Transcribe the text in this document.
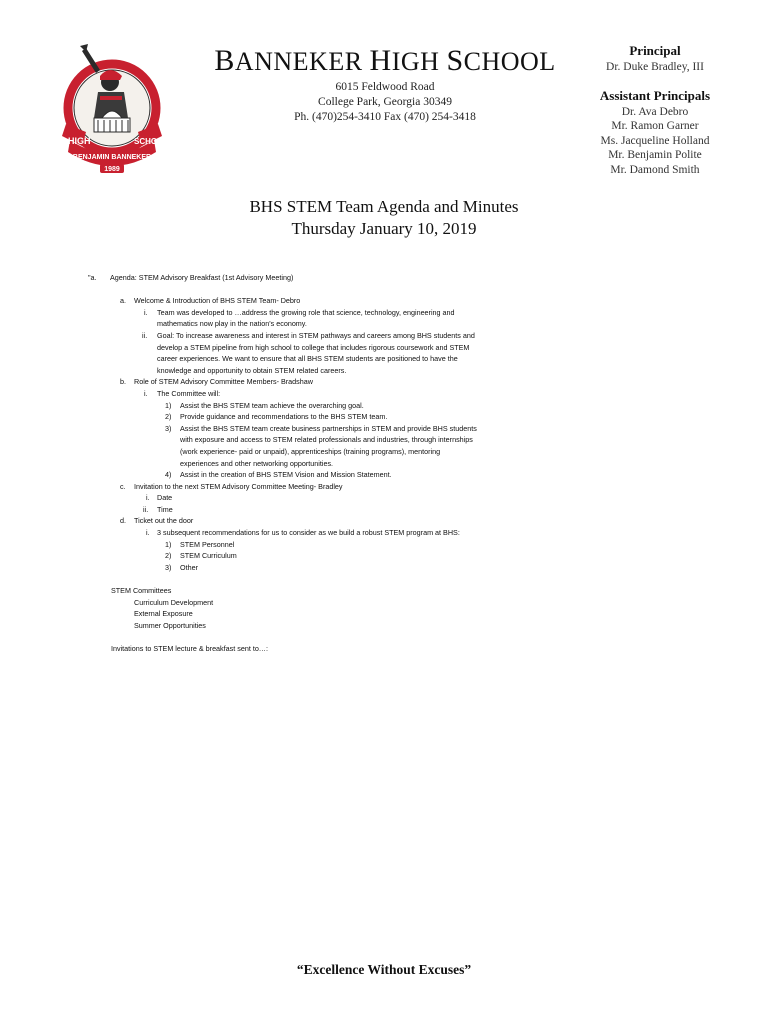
HIGH	SCHOOL
BENJAMIN BANNEKER
1989
BANNEKER HIGH SCHOOL
6015 Feldwood Road
College Park, Georgia 30349
Ph. (470)254-3410 Fax (470) 254-3418
Principal
Dr. Duke Bradley, III
Assistant Principals
Dr. Ava Debro
Mr. Ramon Garner
Ms. Jacqueline Holland
Mr. Benjamin Polite
Mr. Damond Smith
BHS STEM Team Agenda and Minutes
Thursday January 10, 2019
"a. Agenda: STEM Advisory Breakfast (1st Advisory Meeting)
a. Welcome & Introduction of BHS STEM Team- Debro
i. Team was developed to …address the growing role that science, technology, engineering and
mathematics now play in the nation's economy.
ii. Goal: To increase awareness and interest in STEM pathways and careers among BHS students and
develop a STEM pipeline from high school to college that includes rigorous coursework and STEM
career experiences. We want to ensure that all BHS STEM students are positioned to have the
knowledge and opportunity to obtain STEM related careers.
b. Role of STEM Advisory Committee Members- Bradshaw
i. The Committee will:
1) Assist the BHS STEM team achieve the overarching goal.
2) Provide guidance and recommendations to the BHS STEM team.
3) Assist the BHS STEM team create business partnerships in STEM and provide BHS students
with exposure and access to STEM related professionals and industries, through internships
(work experience- paid or unpaid), apprenticeships (training programs), mentoring
experiences and other networking opportunities.
4) Assist in the creation of BHS STEM Vision and Mission Statement.
c. Invitation to the next STEM Advisory Committee Meeting- Bradley
i. Date
ii. Time
d. Ticket out the door
i. 3 subsequent recommendations for us to consider as we build a robust STEM program at BHS:
1) STEM Personnel
2) STEM Curriculum
3) Other
STEM Committees
Curriculum Development
External Exposure
Summer Opportunities
Invitations to STEM lecture & breakfast sent to…:
“Excellence Without Excuses”
